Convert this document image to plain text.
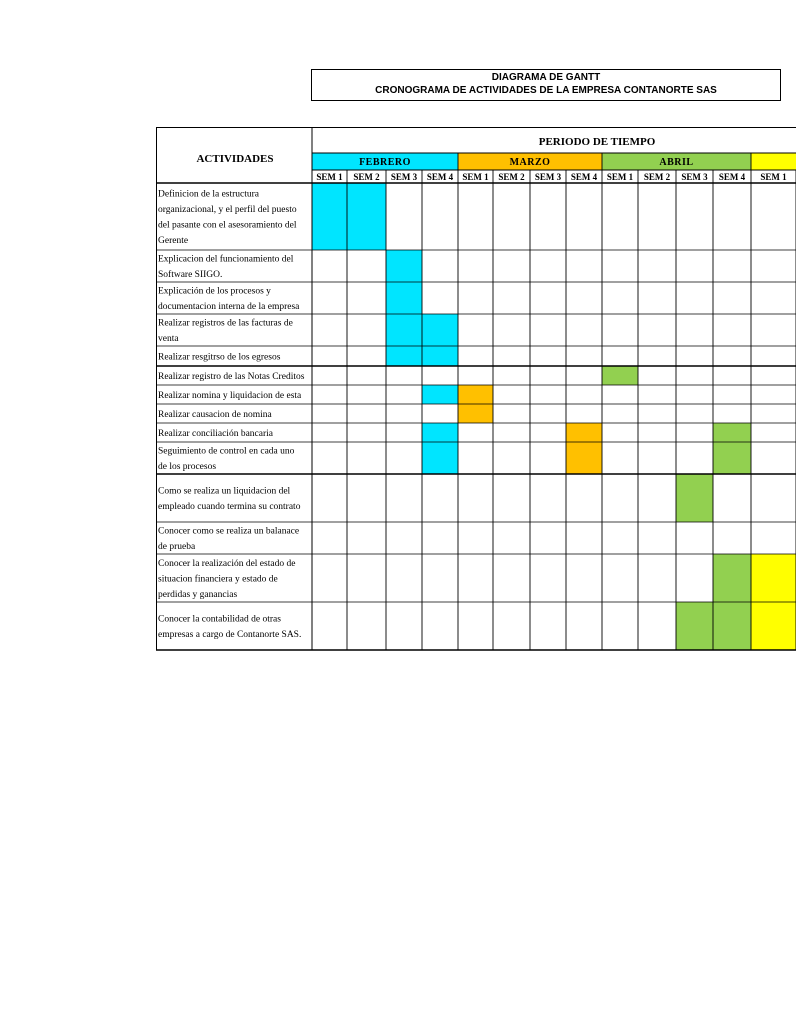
DIAGRAMA DE GANTT

CRONOGRAMA DE ACTIVIDADES DE LA EMPRESA CONTANORTE SAS
ACTIVIDADES
PERIODO DE TIEMPO
FEBRERO	MARZO	ABRIL
SEM 1 SEM 2 SEM 3 SEM 4 SEM 1 SEM 2 SEM 3 SEM 4 SEM 1 SEM 2 SEM 3 SEM 4 SEM 1
Definicion de la estructura organizacional, y el perfil del puesto del pasante con el asesoramiento del Gerente
Explicacion del funcionamiento del Software SIIGO.
Explicación de los procesos y documentacion interna de la empresa
Realizar registros de las facturas de venta
Realizar resgitrso de los egresos
Realizar registro de las Notas Creditos
Realizar nomina y liquidacion de esta
Realizar causacion de nomina
Realizar conciliación bancaria
Seguimiento de control en cada uno de los procesos
Como se realiza un liquidacion del empleado cuando termina su contrato
Conocer como se realiza un balanace de prueba
Conocer la realización del estado de situacion financiera y estado de perdidas y ganancias
Conocer la contabilidad de otras empresas a cargo de Contanorte SAS.
